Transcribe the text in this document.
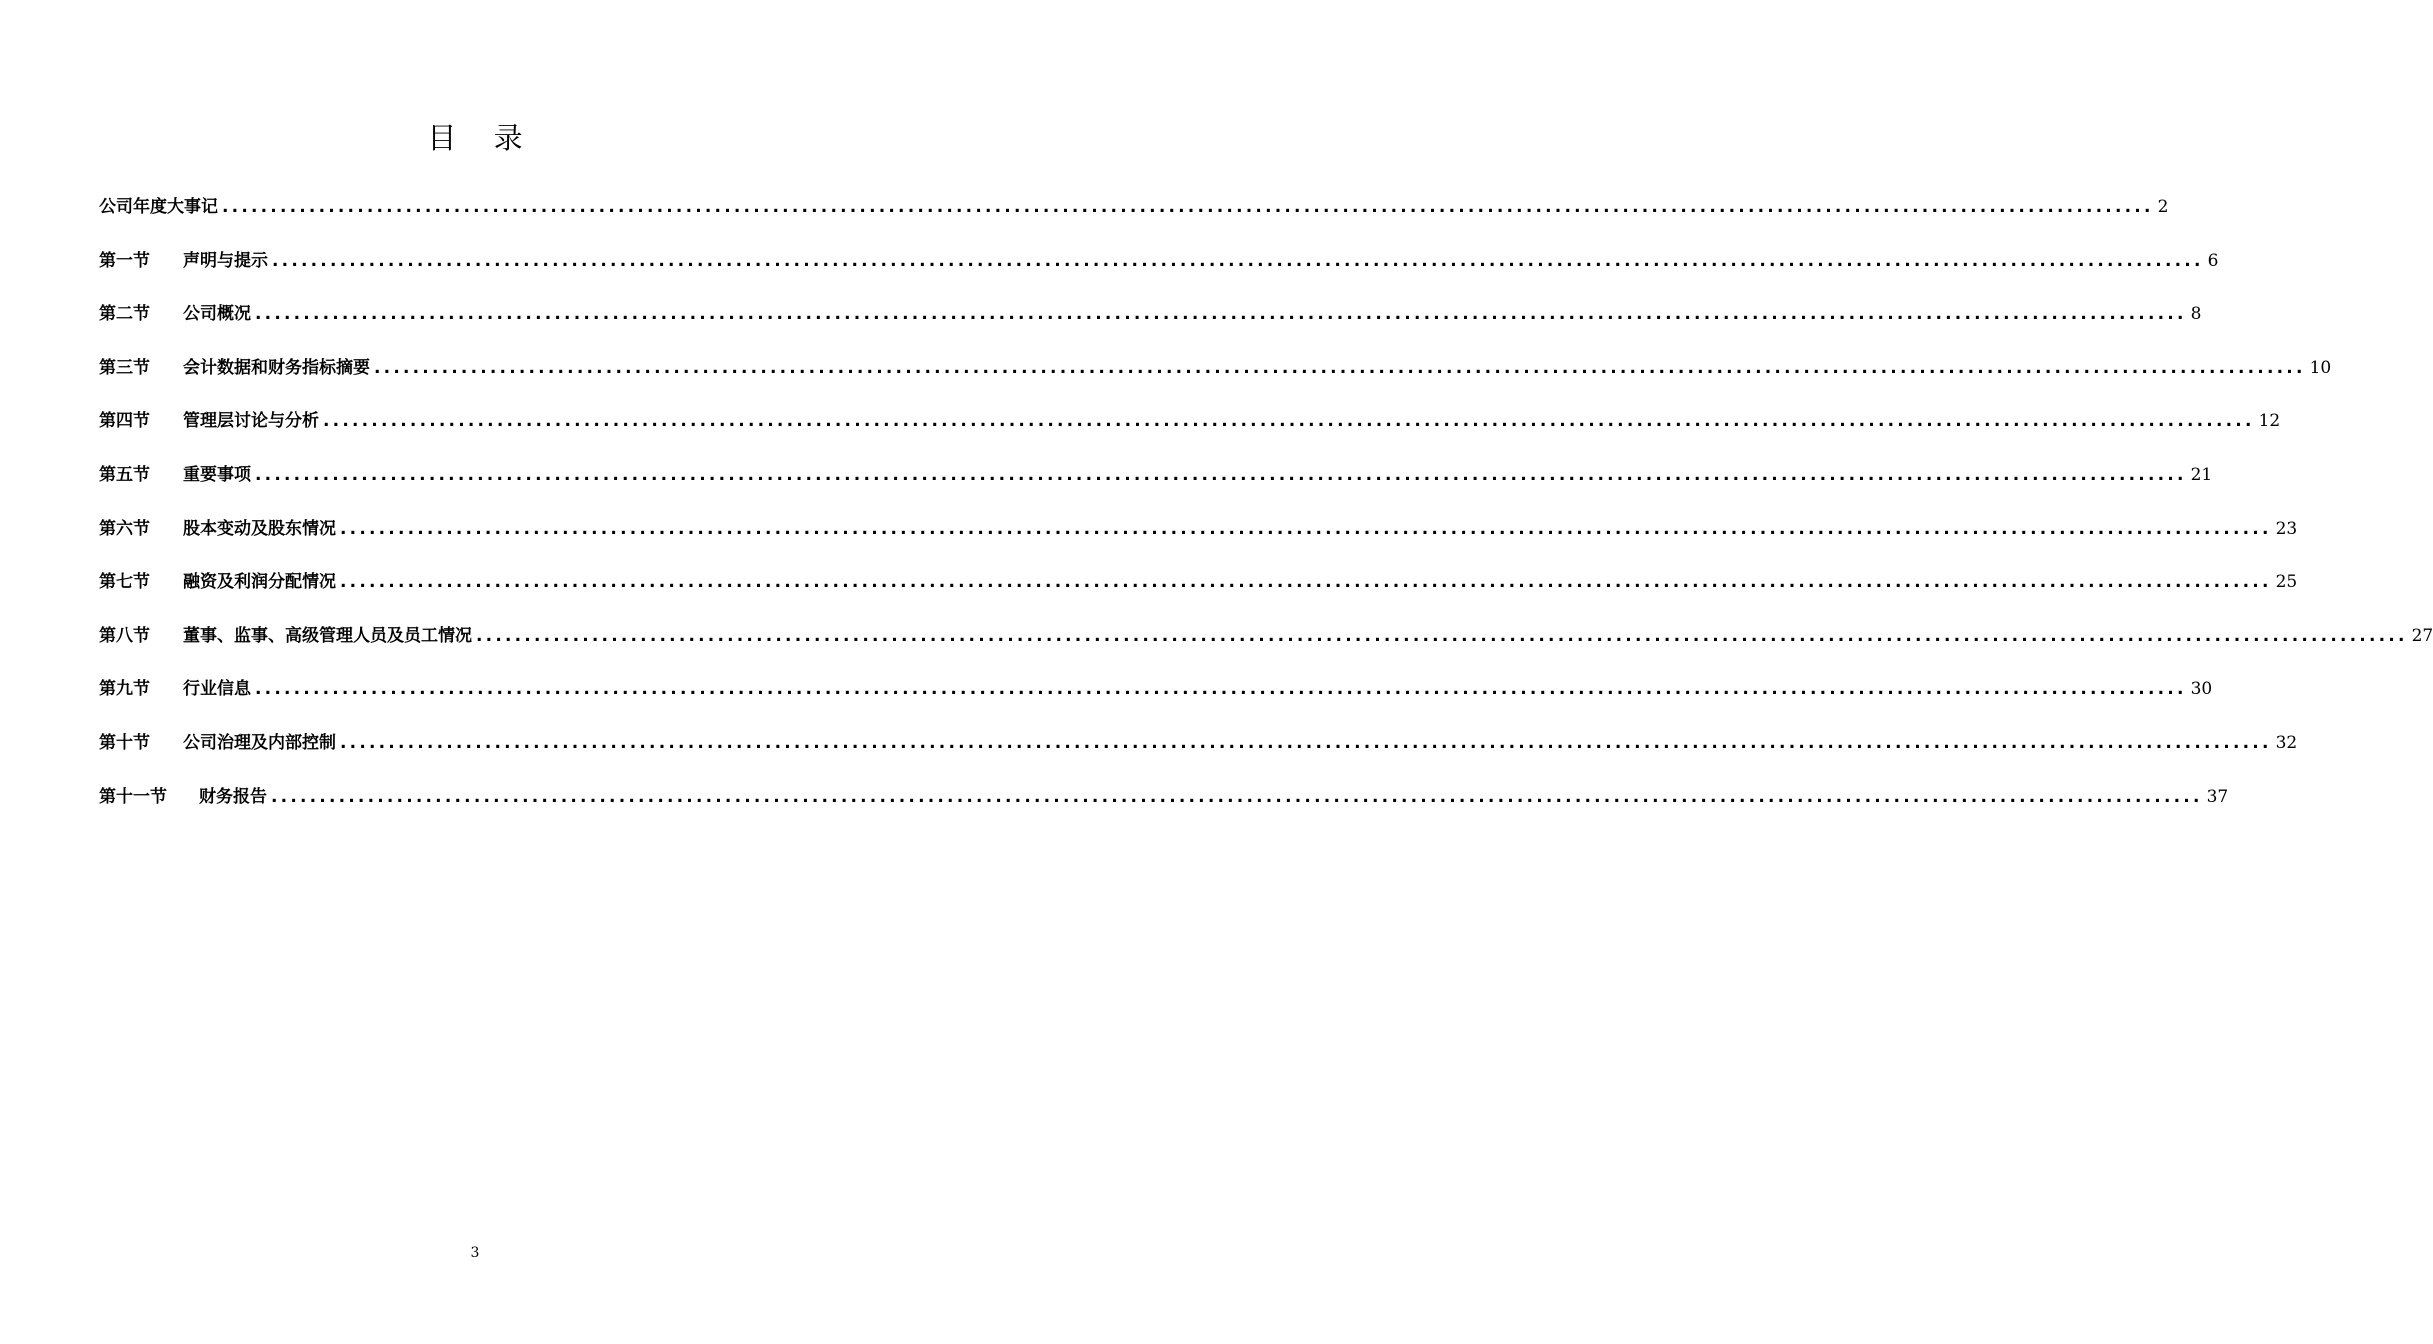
目 录
公司年度大事记 ........................................................................................................................................................................................................ 2
第一节 声明与提示 ........................................................................................................................................................................................................ 6
第二节 公司概况 ........................................................................................................................................................................................................ 8
第三节 会计数据和财务指标摘要 ........................................................................................................................................................................................................ 10
第四节 管理层讨论与分析 ........................................................................................................................................................................................................ 12
第五节 重要事项 ........................................................................................................................................................................................................ 21
第六节 股本变动及股东情况 ........................................................................................................................................................................................................ 23
第七节 融资及利润分配情况 ........................................................................................................................................................................................................ 25
第八节 董事、监事、高级管理人员及员工情况 ........................................................................................................................................................................................................ 27
第九节 行业信息 ........................................................................................................................................................................................................ 30
第十节 公司治理及内部控制 ........................................................................................................................................................................................................ 32
第十一节 财务报告 ........................................................................................................................................................................................................ 37
3
